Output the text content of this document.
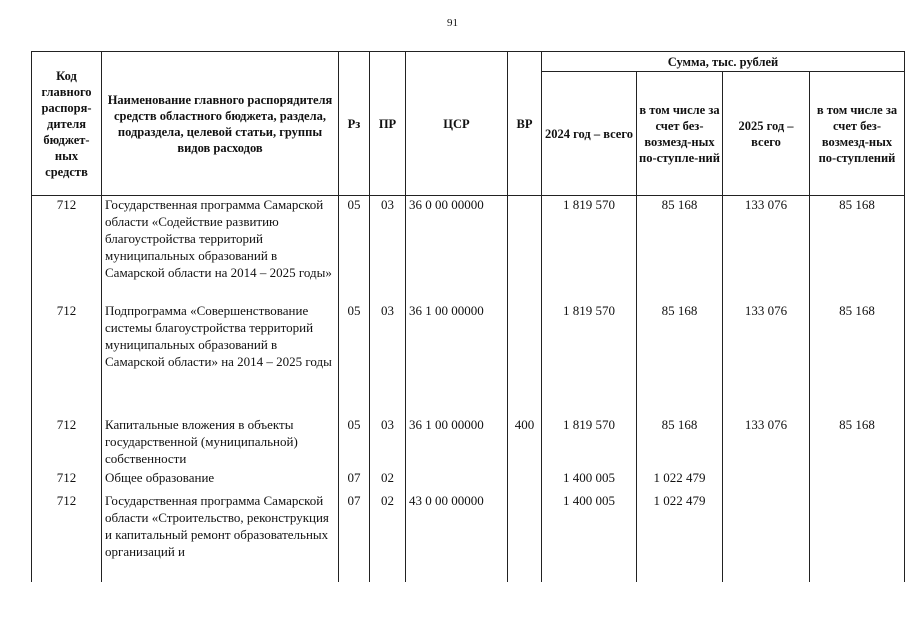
91
Код главного распоря-дителя бюджет-ных средств	Наименование главного распорядителя средств областного бюджета, раздела, подраздела, целевой статьи, группы видов расходов	Рз	ПР	ЦСР	ВР	Сумма, тыс. рублей			
						2024 год – всего	в том числе за счет без-возмезд-ных по-ступле-ний	2025 год – всего	в том числе за счет без-возмезд-ных по-ступлений
712	Государственная программа Самарской области «Содействие развитию благоустройства территорий муниципальных образований в Самарской области на 2014 – 2025 годы»	05	03	36 0 00 00000		1 819 570	85 168	133 076	85 168
712	Подпрограмма «Совершенствование системы благоустройства территорий муниципальных образований в Самарской области» на 2014 – 2025 годы	05	03	36 1 00 00000		1 819 570	85 168	133 076	85 168
712	Капитальные вложения в объекты государственной (муниципальной) собственности	05	03	36 1 00 00000	400	1 819 570	85 168	133 076	85 168
712	Общее образование	07	02			1 400 005	1 022 479		
712	Государственная программа Самарской области «Строительство, реконструкция и капитальный ремонт образовательных организаций и	07	02	43 0 00 00000		1 400 005	1 022 479		
